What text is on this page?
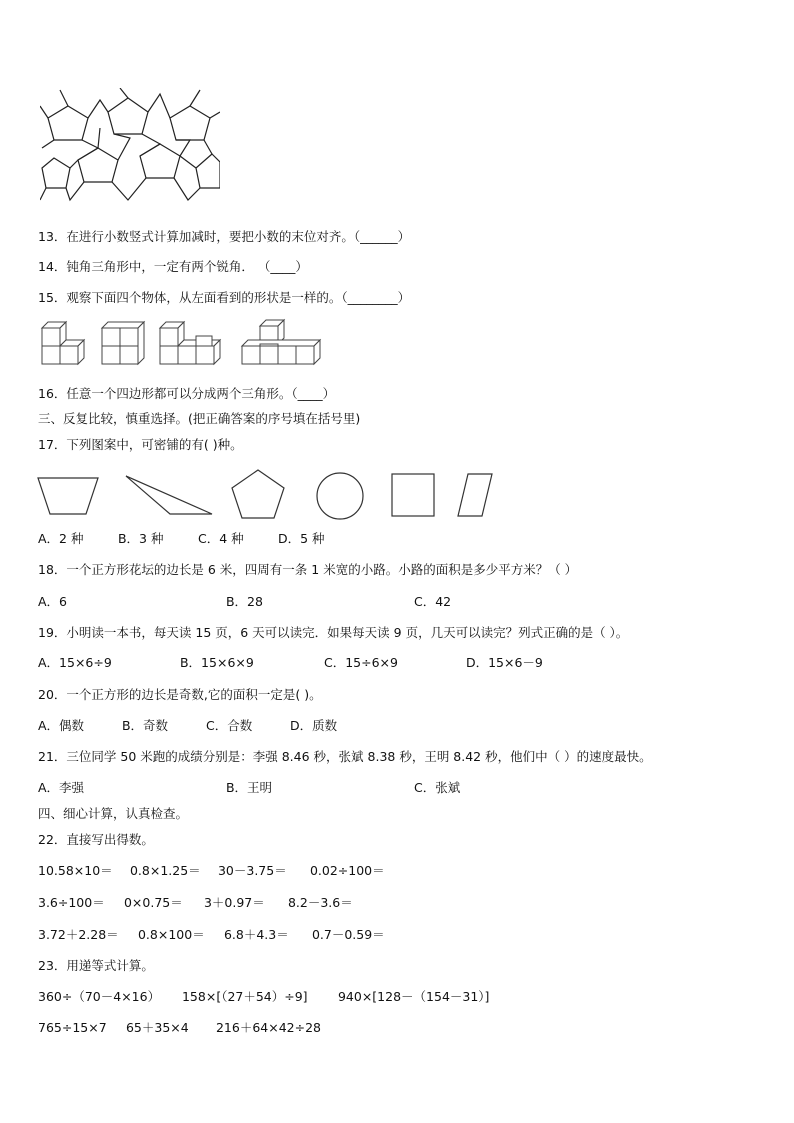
13．在进行小数竖式计算加减时，要把小数的末位对齐。（______）
14．钝角三角形中，一定有两个锐角． （____）
15．观察下面四个物体，从左面看到的形状是一样的。（________）
16．任意一个四边形都可以分成两个三角形。（____）
三、反复比较，慎重选择。(把正确答案的序号填在括号里)
17．下列图案中，可密铺的有( )种。
A．2 种	B．3 种	C．4 种	D．5 种
18．一个正方形花坛的边长是 6 米，四周有一条 1 米宽的小路。小路的面积是多少平方米？（ ）
A．6	B．28	C．42
19．小明读一本书，每天读 15 页，6 天可以读完．如果每天读 9 页，几天可以读完？列式正确的是（ ）。
A．15×6÷9	B．15×6×9	C．15÷6×9	D．15×6－9
20．一个正方形的边长是奇数,它的面积一定是( )。
A．偶数	B．奇数	C．合数	D．质数
21．三位同学 50 米跑的成绩分别是：李强 8.46 秒，张斌 8.38 秒，王明 8.42 秒，他们中（ ）的速度最快。
A．李强	B．王明	C．张斌
四、细心计算，认真检查。
22．直接写出得数。
10.58×10＝ 0.8×1.25＝ 30－3.75＝ 0.02÷100＝
3.6÷100＝ 0×0.75＝ 3＋0.97＝ 8.2－3.6＝
3.72＋2.28＝ 0.8×100＝ 6.8＋4.3＝ 0.7－0.59＝
23．用递等式计算。
360÷（70－4×16） 158×[（27＋54）÷9] 940×[128－（154－31）]
765÷15×7 65＋35×4 216＋64×42÷28
